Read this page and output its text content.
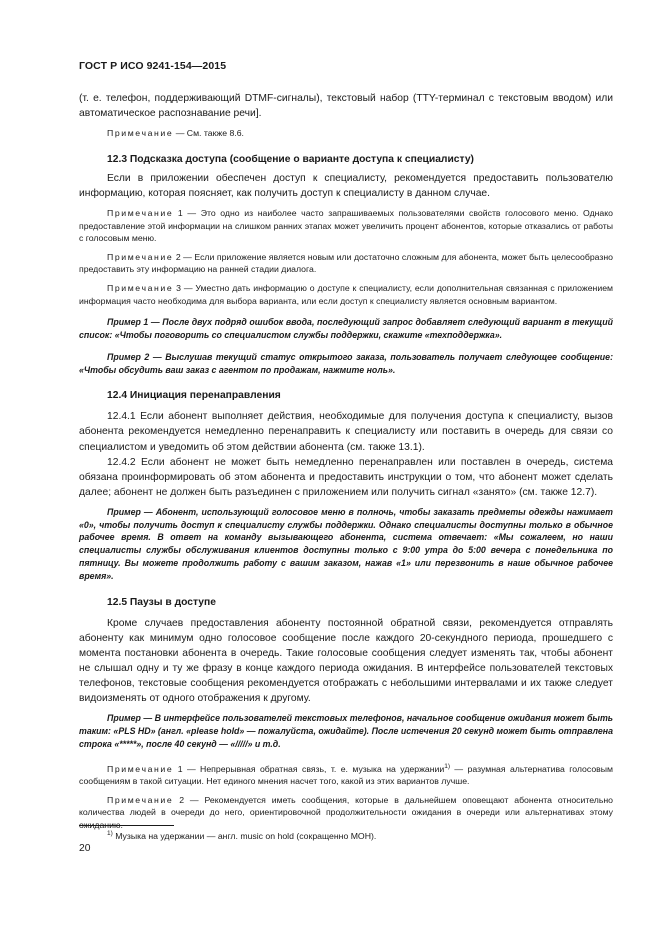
ГОСТ Р ИСО 9241-154—2015

(т. е. телефон, поддерживающий DTMF-сигналы), текстовый набор (TTY-терминал с текстовым вводом) или автоматическое распознавание речи].

Примечание — См. также 8.6.

12.3 Подсказка доступа (сообщение о варианте доступа к специалисту)

Если в приложении обеспечен доступ к специалисту, рекомендуется предоставить пользователю информацию, которая поясняет, как получить доступ к специалисту в данном случае.

Примечание 1 — Это одно из наиболее часто запрашиваемых пользователями свойств голосового меню. Однако предоставление этой информации на слишком ранних этапах может увеличить процент абонентов, которые отказались от работы с голосовым меню.

Примечание 2 — Если приложение является новым или достаточно сложным для абонента, может быть целесообразно предоставить эту информацию на ранней стадии диалога.

Примечание 3 — Уместно дать информацию о доступе к специалисту, если дополнительная связанная с приложением информация часто необходима для выбора варианта, или если доступ к специалисту является основным вариантом.

Пример 1 — После двух подряд ошибок ввода, последующий запрос добавляет следующий вариант в текущий список: «Чтобы поговорить со специалистом службы поддержки, скажите «техподдержка».

Пример 2 — Выслушав текущий статус открытого заказа, пользователь получает следующее сообщение: «Чтобы обсудить ваш заказ с агентом по продажам, нажмите ноль».

12.4 Инициация перенаправления

12.4.1 Если абонент выполняет действия, необходимые для получения доступа к специалисту, вызов абонента рекомендуется немедленно перенаправить к специалисту или поставить в очередь для связи со специалистом и уведомить об этом действии абонента (см. также 13.1).

12.4.2 Если абонент не может быть немедленно перенаправлен или поставлен в очередь, система обязана проинформировать об этом абонента и предоставить инструкции о том, что абонент может сделать далее; абонент не должен быть разъединен с приложением или получить сигнал «занято» (см. также 12.7).

Пример — Абонент, использующий голосовое меню в полночь, чтобы заказать предметы одежды нажимает «0», чтобы получить доступ к специалисту службы поддержки. Однако специалисты доступны только в обычное рабочее время. В ответ на команду вызывающего абонента, система отвечает: «Мы сожалеем, но наши специалисты службы обслуживания клиентов доступны только с 9:00 утра до 5:00 вечера с понедельника по пятницу. Вы можете продолжить работу с вашим заказом, нажав «1» или перезвонить в наше обычное рабочее время».

12.5 Паузы в доступе

Кроме случаев предоставления абоненту постоянной обратной связи, рекомендуется отправлять абоненту как минимум одно голосовое сообщение после каждого 20-секундного периода, прошедшего с момента постановки абонента в очередь. Такие голосовые сообщения следует изменять так, чтобы абонент не слышал одну и ту же фразу в конце каждого периода ожидания. В интерфейсе пользователей текстовых телефонов, текстовые сообщения рекомендуется отображать с небольшими интервалами и их также следует видоизменять от одного отображения к другому.

Пример — В интерфейсе пользователей текстовых телефонов, начальное сообщение ожидания может быть таким: «PLS HD» (англ. «please hold» — пожалуйста, ожидайте). После истечения 20 секунд может быть отправлена строка «*****», после 40 секунд — «/////» и т.д.

Примечание 1 — Непрерывная обратная связь, т. е. музыка на удержании$^{1)}$ — разумная альтернатива голосовым сообщениям в такой ситуации. Нет единого мнения насчет того, какой из этих вариантов лучше.

Примечание 2 — Рекомендуется иметь сообщения, которые в дальнейшем оповещают абонента относительно количества людей в очереди до него, ориентировочной продолжительности ожидания в очереди или альтернативах этому ожиданию.

$^{1)}$ Музыка на удержании — англ. music on hold (сокращенно МОН).
20
